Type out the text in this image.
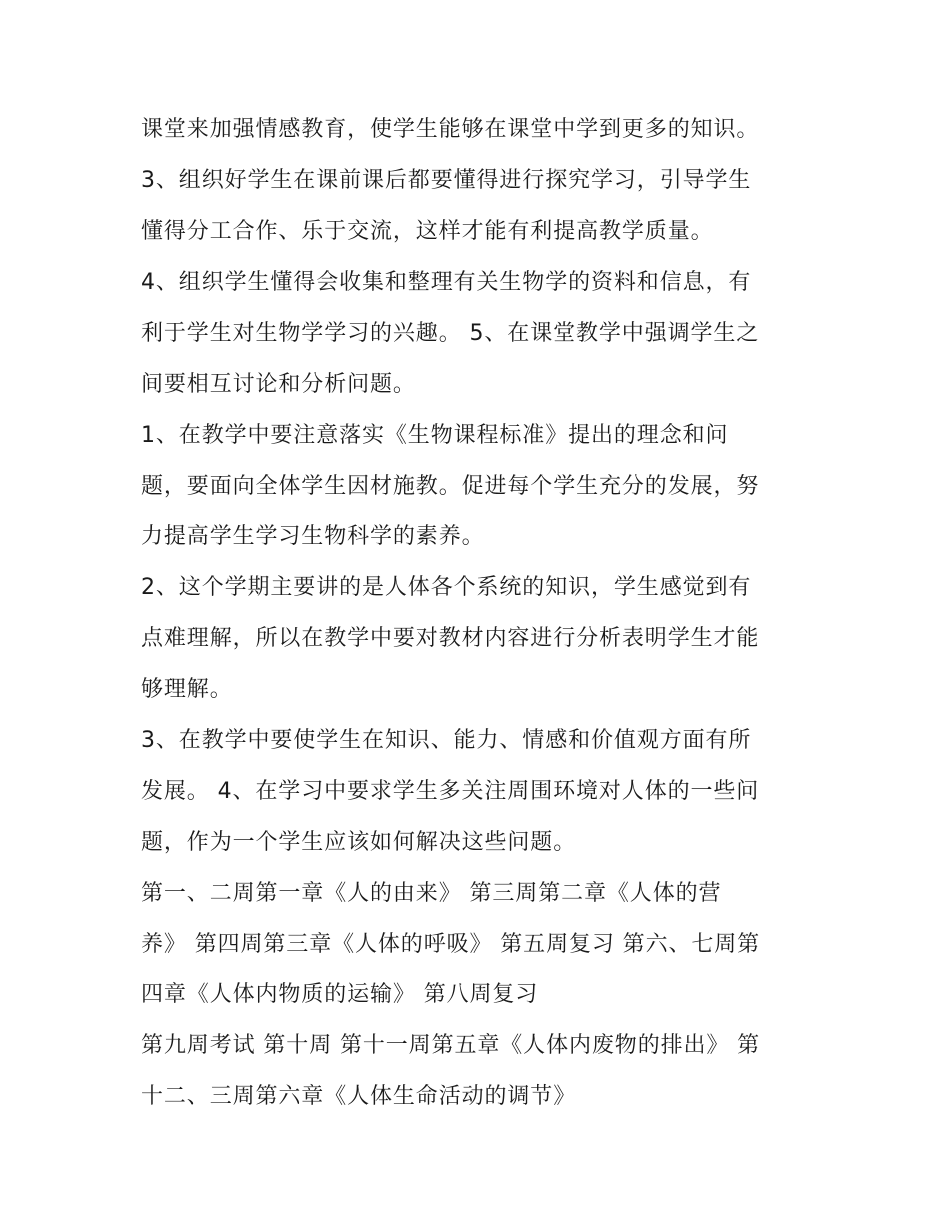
课堂来加强情感教育，使学生能够在课堂中学到更多的知识。
3、组织好学生在课前课后都要懂得进行探究学习，引导学生
懂得分工合作、乐于交流，这样才能有利提高教学质量。
4、组织学生懂得会收集和整理有关生物学的资料和信息，有
利于学生对生物学学习的兴趣。 5、在课堂教学中强调学生之
间要相互讨论和分析问题。
1、在教学中要注意落实《生物课程标准》提出的理念和问
题，要面向全体学生因材施教。促进每个学生充分的发展，努
力提高学生学习生物科学的素养。
2、这个学期主要讲的是人体各个系统的知识，学生感觉到有
点难理解，所以在教学中要对教材内容进行分析表明学生才能
够理解。
3、在教学中要使学生在知识、能力、情感和价值观方面有所
发展。 4、在学习中要求学生多关注周围环境对人体的一些问
题，作为一个学生应该如何解决这些问题。
第一、二周第一章《人的由来》 第三周第二章《人体的营
养》 第四周第三章《人体的呼吸》 第五周复习 第六、七周第
四章《人体内物质的运输》 第八周复习
第九周考试 第十周 第十一周第五章《人体内废物的排出》 第
十二、三周第六章《人体生命活动的调节》
